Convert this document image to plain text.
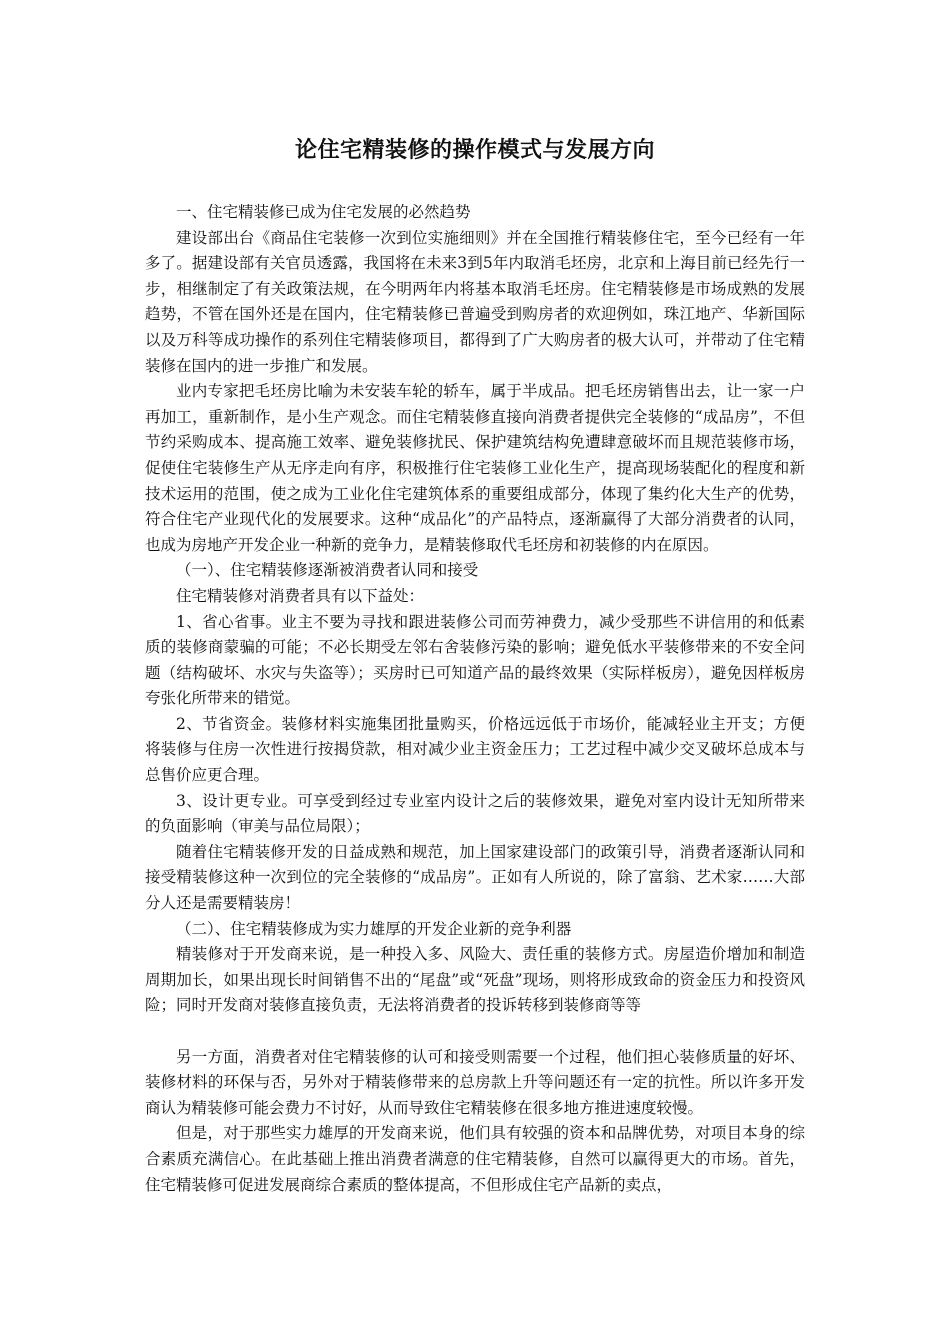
论住宅精装修的操作模式与发展方向

一、住宅精装修已成为住宅发展的必然趋势

建设部出台《商品住宅装修一次到位实施细则》并在全国推行精装修住宅，至今已经有一年多了。据建设部有关官员透露，我国将在未来3到5年内取消毛坯房，北京和上海目前已经先行一步，相继制定了有关政策法规，在今明两年内将基本取消毛坯房。住宅精装修是市场成熟的发展趋势，不管在国外还是在国内，住宅精装修已普遍受到购房者的欢迎例如，珠江地产、华新国际以及万科等成功操作的系列住宅精装修项目，都得到了广大购房者的极大认可，并带动了住宅精装修在国内的进一步推广和发展。

业内专家把毛坯房比喻为未安装车轮的轿车，属于半成品。把毛坯房销售出去，让一家一户再加工，重新制作，是小生产观念。而住宅精装修直接向消费者提供完全装修的“成品房”，不但节约采购成本、提高施工效率、避免装修扰民、保护建筑结构免遭肆意破坏而且规范装修市场，促使住宅装修生产从无序走向有序，积极推行住宅装修工业化生产，提高现场装配化的程度和新技术运用的范围，使之成为工业化住宅建筑体系的重要组成部分，体现了集约化大生产的优势，符合住宅产业现代化的发展要求。这种“成品化”的产品特点，逐渐赢得了大部分消费者的认同，也成为房地产开发企业一种新的竞争力，是精装修取代毛坯房和初装修的内在原因。

（一）、住宅精装修逐渐被消费者认同和接受

住宅精装修对消费者具有以下益处：

1、省心省事。业主不要为寻找和跟进装修公司而劳神费力，减少受那些不讲信用的和低素质的装修商蒙骗的可能；不必长期受左邻右舍装修污染的影响；避免低水平装修带来的不安全问题（结构破坏、水灾与失盗等）；买房时已可知道产品的最终效果（实际样板房），避免因样板房夸张化所带来的错觉。

2、节省资金。装修材料实施集团批量购买，价格远远低于市场价，能减轻业主开支；方便将装修与住房一次性进行按揭贷款，相对减少业主资金压力；工艺过程中减少交叉破坏总成本与总售价应更合理。

3、设计更专业。可享受到经过专业室内设计之后的装修效果，避免对室内设计无知所带来的负面影响（审美与品位局限）；

随着住宅精装修开发的日益成熟和规范，加上国家建设部门的政策引导，消费者逐渐认同和接受精装修这种一次到位的完全装修的“成品房”。正如有人所说的，除了富翁、艺术家……大部分人还是需要精装房！

（二）、住宅精装修成为实力雄厚的开发企业新的竞争利器

精装修对于开发商来说，是一种投入多、风险大、责任重的装修方式。房屋造价增加和制造周期加长，如果出现长时间销售不出的“尾盘”或“死盘”现场，则将形成致命的资金压力和投资风险；同时开发商对装修直接负责，无法将消费者的投诉转移到装修商等等

另一方面，消费者对住宅精装修的认可和接受则需要一个过程，他们担心装修质量的好坏、装修材料的环保与否，另外对于精装修带来的总房款上升等问题还有一定的抗性。所以许多开发商认为精装修可能会费力不讨好，从而导致住宅精装修在很多地方推进速度较慢。

但是，对于那些实力雄厚的开发商来说，他们具有较强的资本和品牌优势，对项目本身的综合素质充满信心。在此基础上推出消费者满意的住宅精装修，自然可以赢得更大的市场。首先，住宅精装修可促进发展商综合素质的整体提高，不但形成住宅产品新的卖点，
